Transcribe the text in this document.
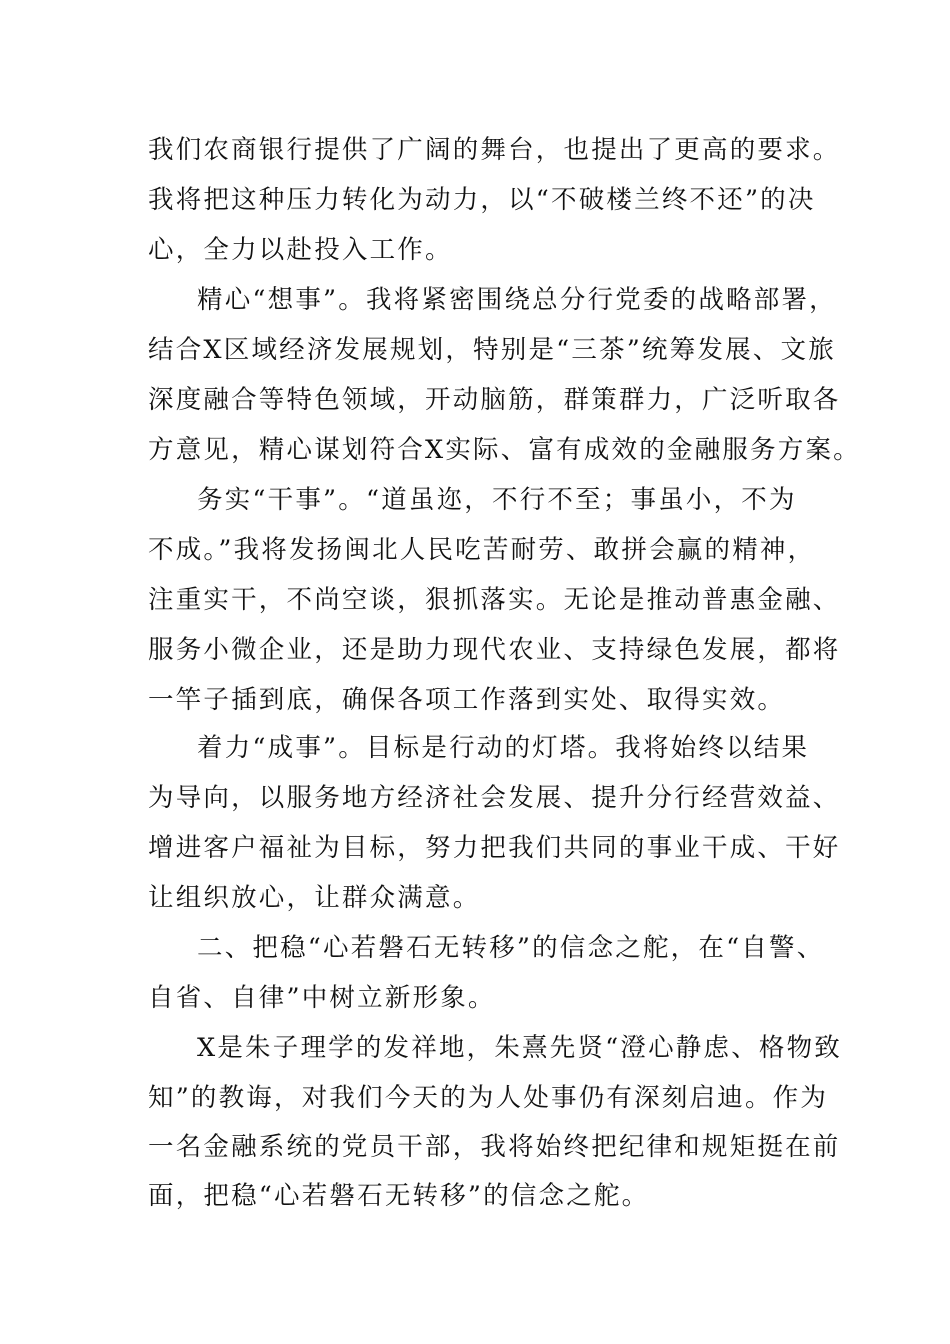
我们农商银行提供了广阔的舞台，也提出了更高的要求。
我将把这种压力转化为动力，以“不破楼兰终不还”的决
心，全力以赴投入工作。
精心“想事”。我将紧密围绕总分行党委的战略部署，
结合X区域经济发展规划，特别是“三茶”统筹发展、文旅
深度融合等特色领域，开动脑筋，群策群力，广泛听取各
方意见，精心谋划符合X实际、富有成效的金融服务方案。
务实“干事”。“道虽迩，不行不至；事虽小，不为
不成。”我将发扬闽北人民吃苦耐劳、敢拼会赢的精神，
注重实干，不尚空谈，狠抓落实。无论是推动普惠金融、
服务小微企业，还是助力现代农业、支持绿色发展，都将
一竿子插到底，确保各项工作落到实处、取得实效。
着力“成事”。目标是行动的灯塔。我将始终以结果
为导向，以服务地方经济社会发展、提升分行经营效益、
增进客户福祉为目标，努力把我们共同的事业干成、干好
让组织放心，让群众满意。
二、把稳“心若磐石无转移”的信念之舵，在“自警、
自省、自律”中树立新形象。
X是朱子理学的发祥地，朱熹先贤“澄心静虑、格物致
知”的教诲，对我们今天的为人处事仍有深刻启迪。作为
一名金融系统的党员干部，我将始终把纪律和规矩挺在前
面，把稳“心若磐石无转移”的信念之舵。
